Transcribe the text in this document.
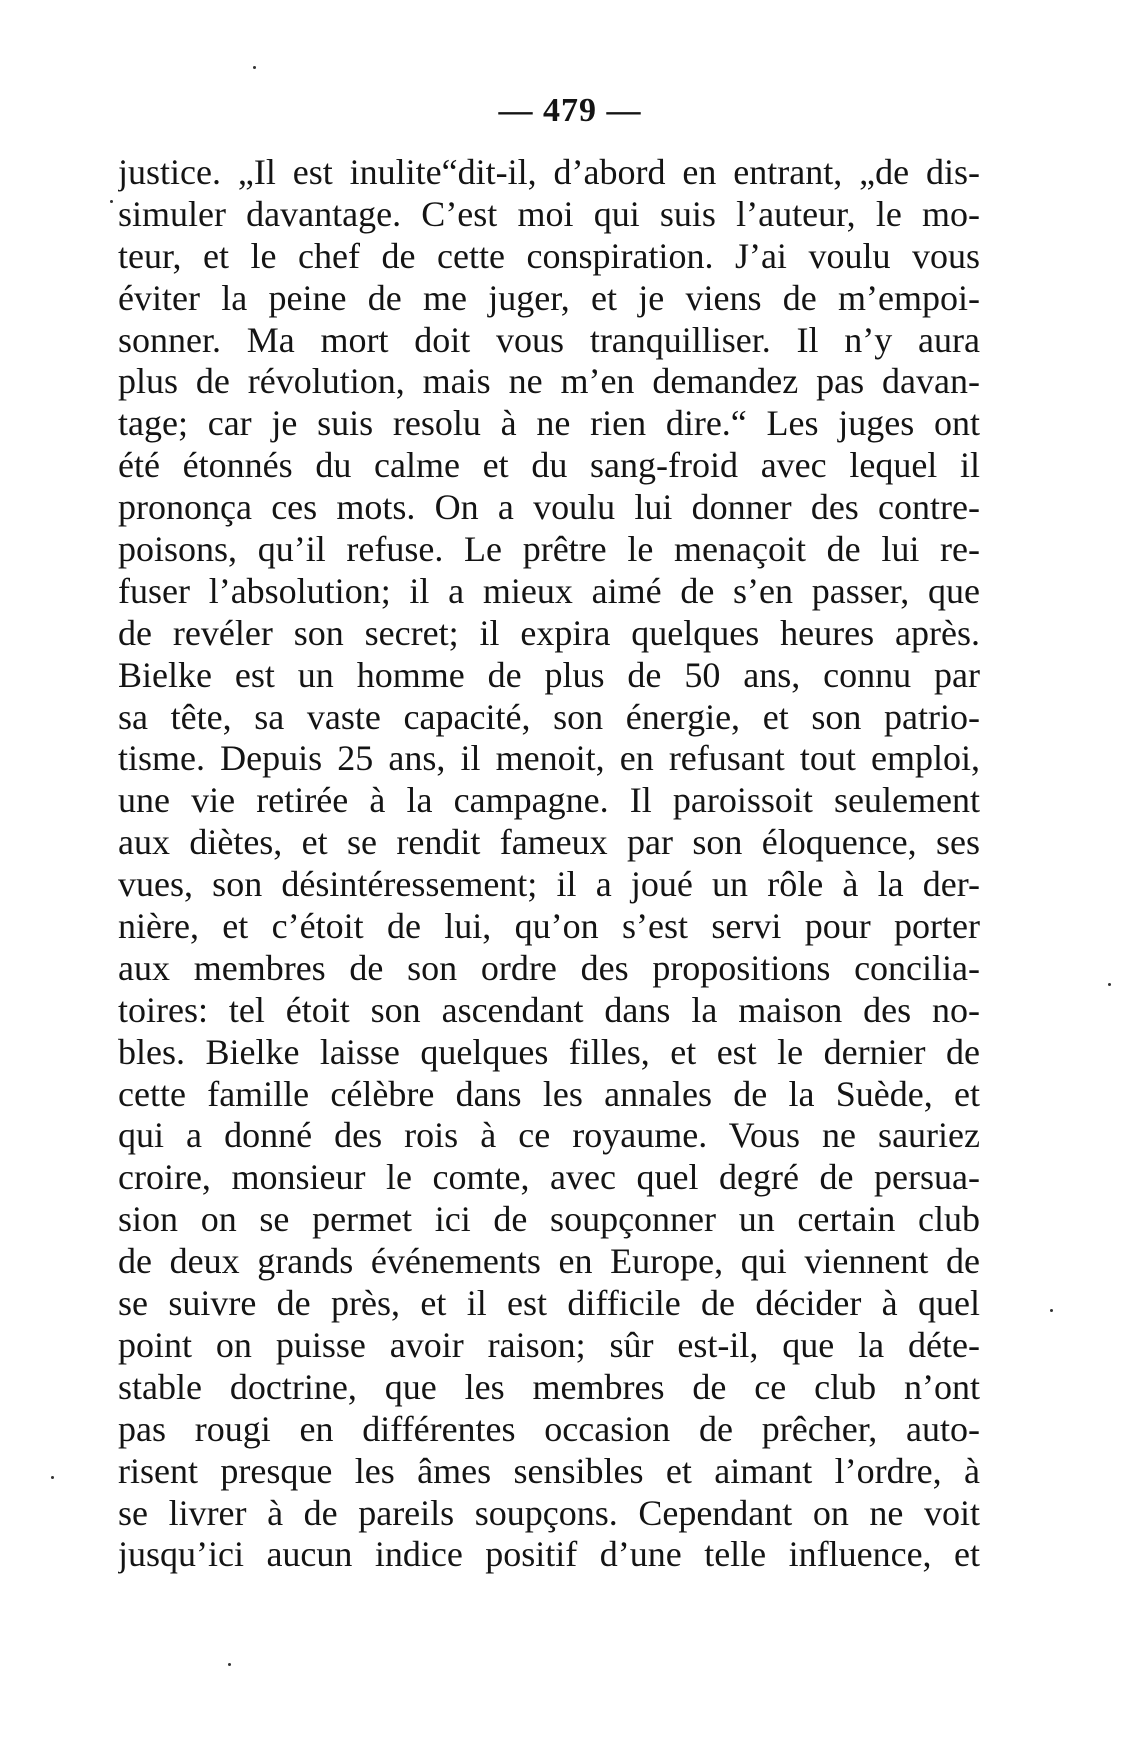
— 479 —
justice. „Il est inulite“dit-il, d’abord en entrant, „de dis-
simuler davantage. C’est moi qui suis l’auteur, le mo-
teur, et le chef de cette conspiration. J’ai voulu vous
éviter la peine de me juger, et je viens de m’empoi-
sonner. Ma mort doit vous tranquilliser. Il n’y aura
plus de révolution, mais ne m’en demandez pas davan-
tage; car je suis resolu à ne rien dire.“ Les juges ont
été étonnés du calme et du sang-froid avec lequel il
prononça ces mots. On a voulu lui donner des contre-
poisons, qu’il refuse. Le prêtre le menaçoit de lui re-
fuser l’absolution; il a mieux aimé de s’en passer, que
de revéler son secret; il expira quelques heures après.
Bielke est un homme de plus de 50 ans, connu par
sa tête, sa vaste capacité, son énergie, et son patrio-
tisme. Depuis 25 ans, il menoit, en refusant tout emploi,
une vie retirée à la campagne. Il paroissoit seulement
aux diètes, et se rendit fameux par son éloquence, ses
vues, son désintéressement; il a joué un rôle à la der-
nière, et c’étoit de lui, qu’on s’est servi pour porter
aux membres de son ordre des propositions concilia-
toires: tel étoit son ascendant dans la maison des no-
bles. Bielke laisse quelques filles, et est le dernier de
cette famille célèbre dans les annales de la Suède, et
qui a donné des rois à ce royaume. Vous ne sauriez
croire, monsieur le comte, avec quel degré de persua-
sion on se permet ici de soupçonner un certain club
de deux grands événements en Europe, qui viennent de
se suivre de près, et il est difficile de décider à quel
point on puisse avoir raison; sûr est-il, que la déte-
stable doctrine, que les membres de ce club n’ont
pas rougi en différentes occasion de prêcher, auto-
risent presque les âmes sensibles et aimant l’ordre, à
se livrer à de pareils soupçons. Cependant on ne voit
jusqu’ici aucun indice positif d’une telle influence, et
